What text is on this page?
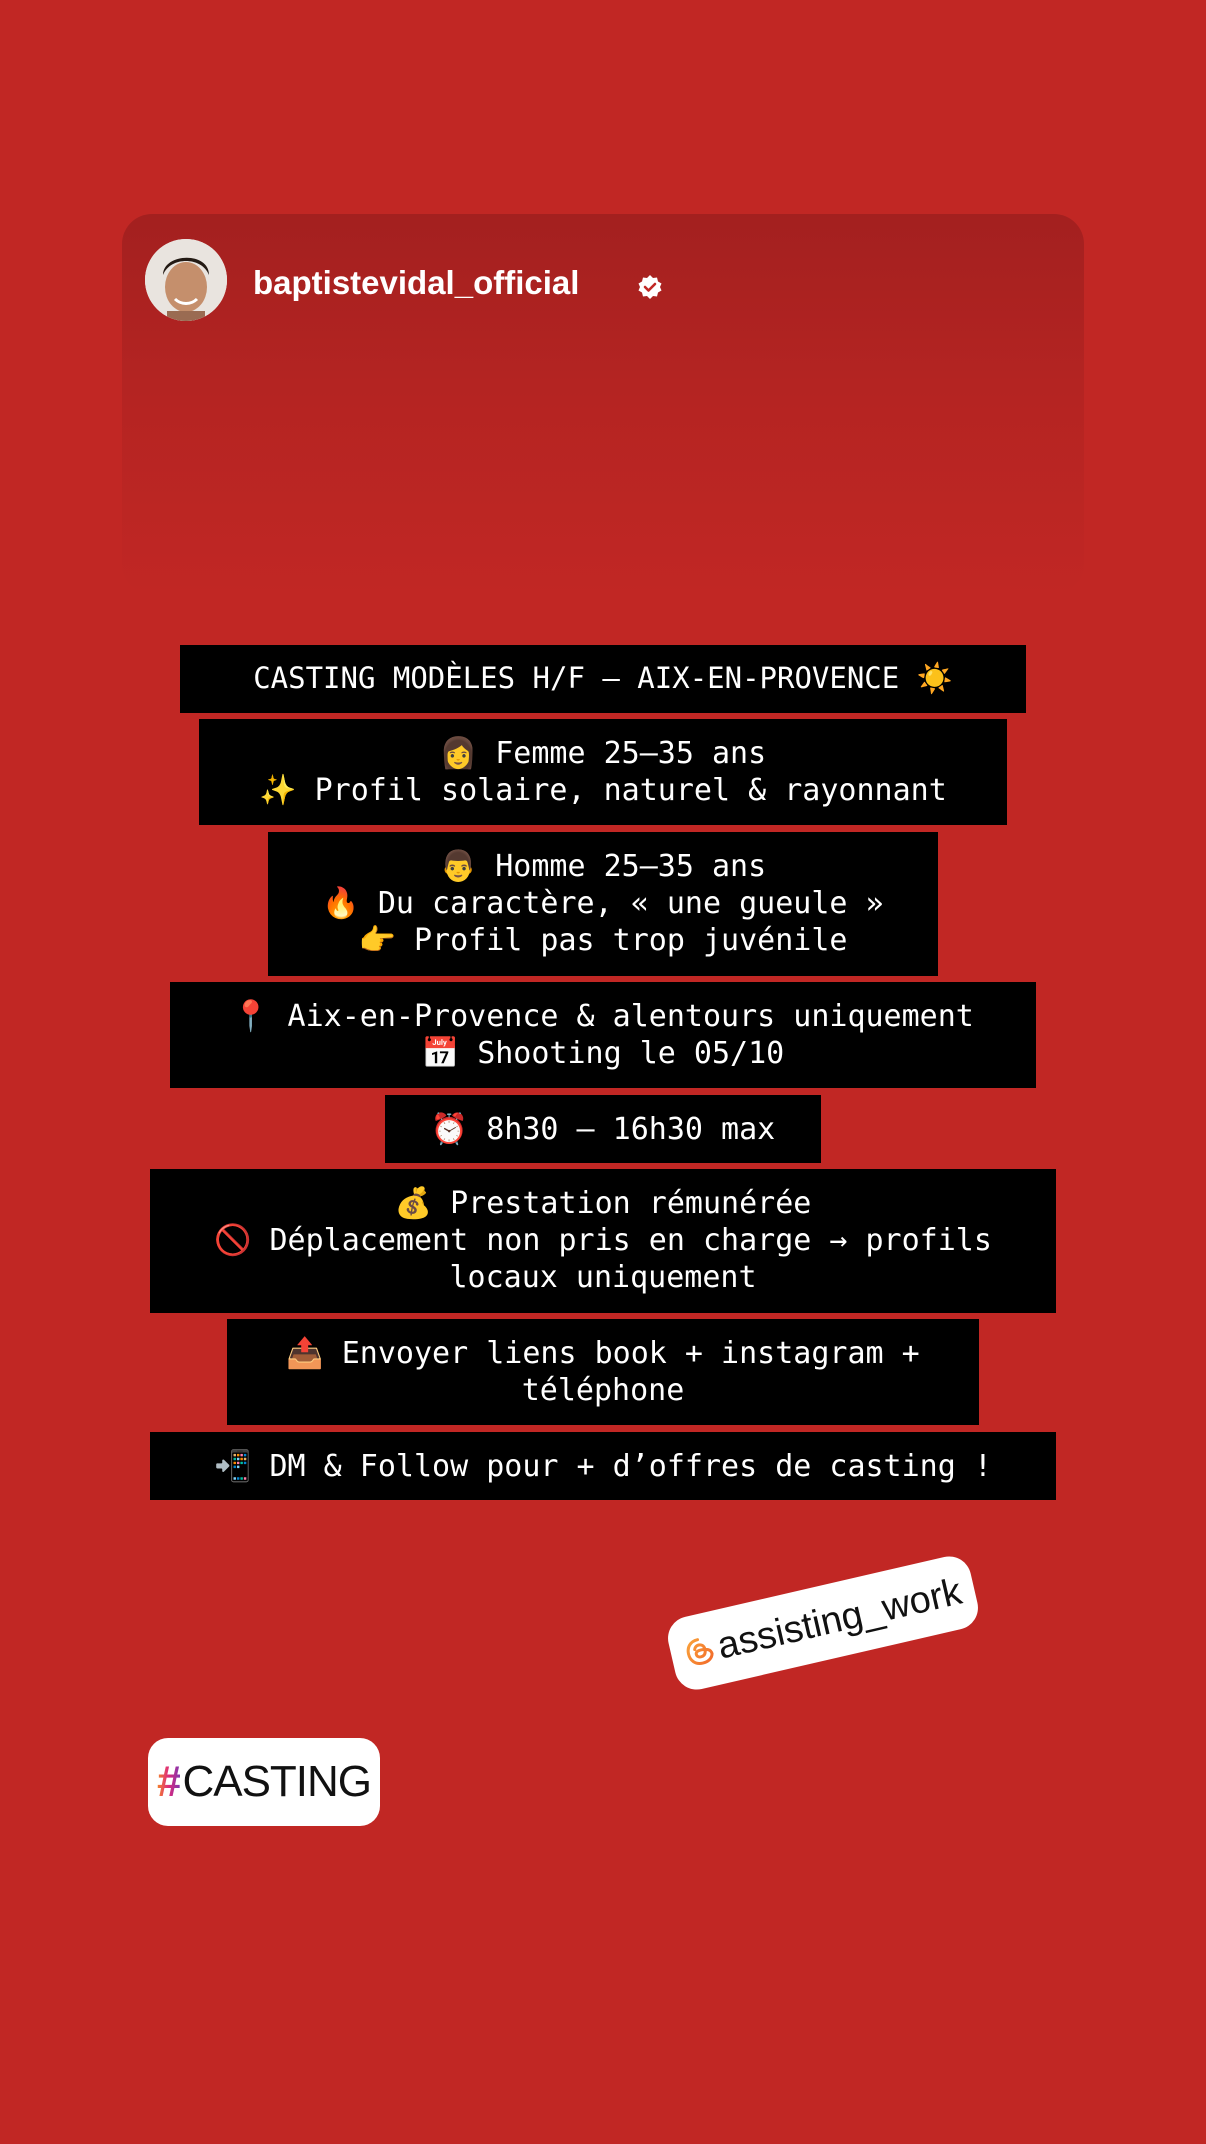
baptistevidal_official
CASTING MODÈLES H/F – AIX-EN-PROVENCE ☀️
👩 Femme 25–35 ans
✨ Profil solaire, naturel & rayonnant
👨 Homme 25–35 ans
🔥 Du caractère, « une gueule »
👉 Profil pas trop juvénile
📍 Aix-en-Provence & alentours uniquement
📅 Shooting le 05/10
⏰ 8h30 – 16h30 max
💰 Prestation rémunérée
🚫 Déplacement non pris en charge → profils
locaux uniquement
📤 Envoyer liens book + instagram +
téléphone
📲 DM & Follow pour + d’offres de casting !
assisting_work
# CASTING
